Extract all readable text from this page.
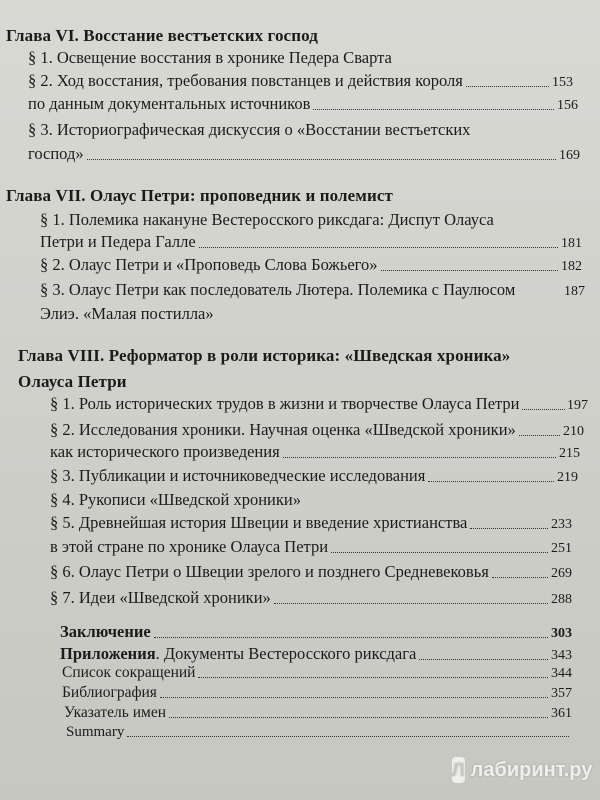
Глава VI. Восстание вестъетских господ
§ 1. Освещение восстания в хронике Педера Сварта
§ 2. Ход восстания, требования повстанцев и действия короля	153
по данным документальных источников	156
§ 3. Историографическая дискуссия о «Восстании вестъетских
господ»	169
Глава VII. Олаус Петри: проповедник и полемист
§ 1. Полемика накануне Вестеросского риксдага: Диспут Олауса
Петри и Педера Галле	181
§ 2. Олаус Петри и «Проповедь Слова Божьего»	182
§ 3. Олаус Петри как последователь Лютера. Полемика с Паулюсом	187
Элиэ. «Малая постилла»
Глава VIII. Реформатор в роли историка: «Шведская хроника»
Олауса Петри
§ 1. Роль исторических трудов в жизни и творчестве Олауса Петри	197
§ 2. Исследования хроники. Научная оценка «Шведской хроники»	210
как исторического произведения	215
§ 3. Публикации и источниковедческие исследования	219
§ 4. Рукописи «Шведской хроники»
§ 5. Древнейшая история Швеции и введение христианства	233
в этой стране по хронике Олауса Петри	251
§ 6. Олаус Петри о Швеции зрелого и позднего Средневековья	269
§ 7. Идеи «Шведской хроники»	288
Заключение	303
Приложения. Документы Вестеросского риксдага	343
Список сокращений	344
Библиография	357
Указатель имен	361
Summary
Л лабиринт.ру
